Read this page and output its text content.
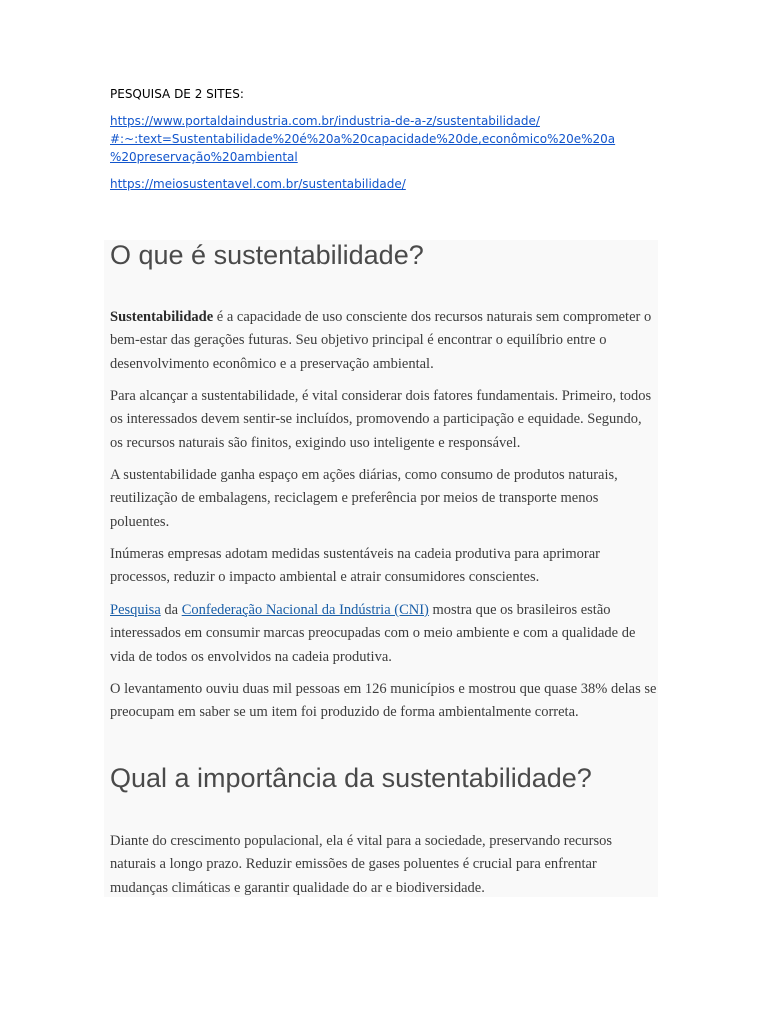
PESQUISA DE 2 SITES:
https://www.portaldaindustria.com.br/industria-de-a-z/sustentabilidade/
#:~:text=Sustentabilidade%20é%20a%20capacidade%20de,econômico%20e%20a
%20preservação%20ambiental
https://meiosustentavel.com.br/sustentabilidade/
O que é sustentabilidade?

Sustentabilidade é a capacidade de uso consciente dos recursos naturais sem comprometer o bem-estar das gerações futuras. Seu objetivo principal é encontrar o equilíbrio entre o desenvolvimento econômico e a preservação ambiental.

Para alcançar a sustentabilidade, é vital considerar dois fatores fundamentais. Primeiro, todos os interessados devem sentir-se incluídos, promovendo a participação e equidade. Segundo, os recursos naturais são finitos, exigindo uso inteligente e responsável.

A sustentabilidade ganha espaço em ações diárias, como consumo de produtos naturais, reutilização de embalagens, reciclagem e preferência por meios de transporte menos poluentes.

Inúmeras empresas adotam medidas sustentáveis na cadeia produtiva para aprimorar processos, reduzir o impacto ambiental e atrair consumidores conscientes.

Pesquisa da Confederação Nacional da Indústria (CNI) mostra que os brasileiros estão interessados em consumir marcas preocupadas com o meio ambiente e com a qualidade de vida de todos os envolvidos na cadeia produtiva.

O levantamento ouviu duas mil pessoas em 126 municípios e mostrou que quase 38% delas se preocupam em saber se um item foi produzido de forma ambientalmente correta.

Qual a importância da sustentabilidade?

Diante do crescimento populacional, ela é vital para a sociedade, preservando recursos naturais a longo prazo. Reduzir emissões de gases poluentes é crucial para enfrentar mudanças climáticas e garantir qualidade do ar e biodiversidade.
